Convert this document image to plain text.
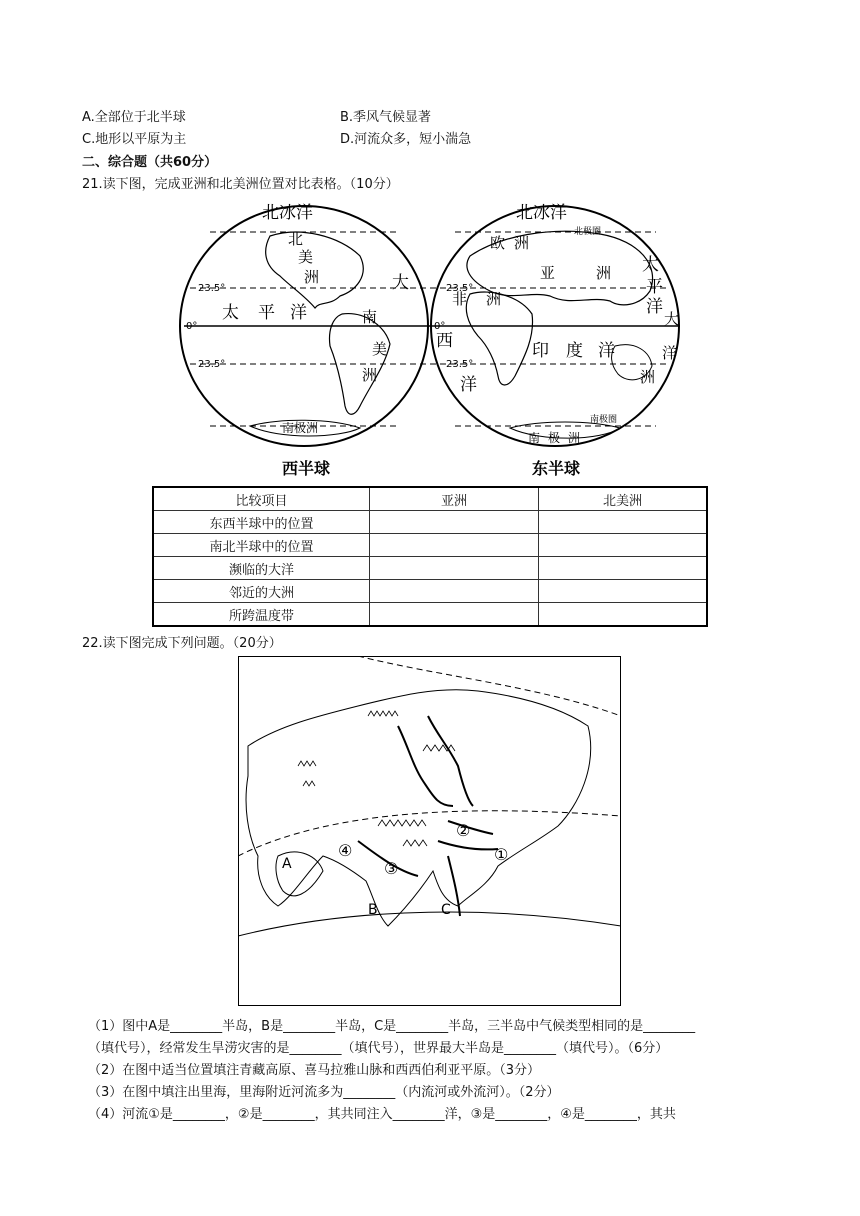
A.全部位于北半球	B.季风气候显著
C.地形以平原为主	D.河流众多，短小湍急
二、综合题（共60分）
21.读下图，完成亚洲和北美洲位置对比表格。（10分）
北冰洋
北
美
洲	大
太 平 洋	南
美
洲
南极洲
北冰洋
北极圈
欧 洲
亚	洲 太
平
洋
大
洋
非 洲
西
洋
印 度 洋
洲
南极圈
南 极 洲
23.5°
0°
23.5°
23.5°
0°
23.5°
西半球	东半球
比较项目	亚洲	北美洲
东西半球中的位置		
南北半球中的位置		
濒临的大洋		
邻近的大洲		
所跨温度带		
22.读下图完成下列问题。（20分）
A
B	C
①
②
③
④
（1）图中A是________半岛，B是________半岛，C是________半岛，三半岛中气候类型相同的是________
（填代号），经常发生旱涝灾害的是________（填代号），世界最大半岛是________（填代号）。（6分）
（2）在图中适当位置填注青藏高原、喜马拉雅山脉和西西伯利亚平原。（3分）
（3）在图中填注出里海，里海附近河流多为________（内流河或外流河）。（2分）
（4）河流①是________，②是________，其共同注入________洋，③是________，④是________，其共
